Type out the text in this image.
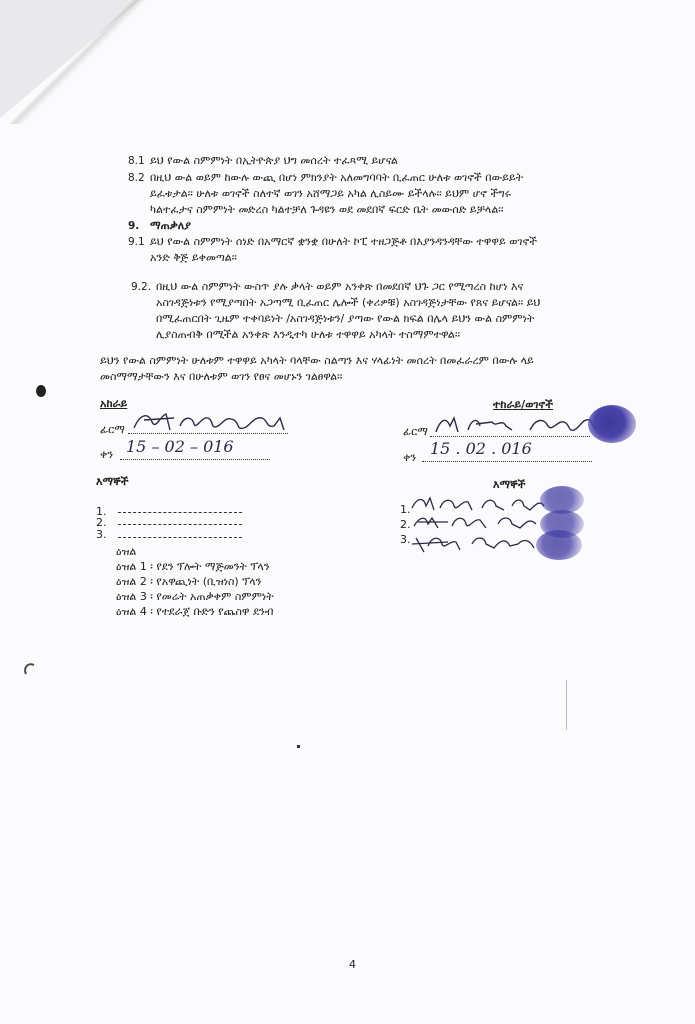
8.1 ይህ የውል ስምምነት በኢትዮጵያ ህግ መሰረት ተፈጻሚ ይሆናል
8.2 በዚህ ውል ወይም ከውሉ ውጪ በሆነ ምክንያት አለመግባባት ቢፈጠር ሁለቱ ወገኖች በውይይት
ይፈቱታል፡፡ ሁለቱ ወገኖች ስለተኛ ወገን አሸማጋይ አካል ሊስይሙ ይችላሉ፡፡ ይህም ሆኖ ችግሩ
ካልተፈታና ስምምነት መድረስ ካልተቻለ ጉዳዩን ወደ መደበኛ ፍርድ ቤት መውሰድ ይቻላል፡፡
9. ማጠቃለያ
9.1 ይህ የውል ስምምነት ሰነድ በአማርኛ ቋንቋ በሁለት ኮፒ ተዘጋጅቶ በእያንዳንዳቸው ተዋዋይ ወገኖች
አንድ ቅጅ ይቀመጣል፡፡
9.2. በዚህ ውል ስምምነት ውስጥ ያሉ ቃላት ወይም አንቀጽ በመደበኛ ህጉ ጋር የሚጣረስ ከሆነ እና
አስገዳጅነቱን የሚያጣበት አጋጣሚ ቢፈጠር ሌሎች (ቀሪዎቹ) አስገዳጅነታቸው የጸና ይሆናል፡፡ ይህ
በሚፈጠርበት ጊዜም ተቀባይነት /አስገዳጅነቱን/ ያጣው የውል ክፍል በሌላ ይህን ውል ስምምነት
ሊያስጠብቅ በሚችል አንቀጽ እንዲተካ ሁለቱ ተዋዋይ አካላት ተስማምተዋል፡፡
ይህን የውል ስምምነት ሁለቱም ተዋዋይ አካላት ባላቸው ስልጣን እና ሃላፊነት መሰረት በመፈራረም በውሉ ላይ
መስማማታቸውን እና በሁለቱም ወገን የፀና መሆኑን ገልፀዋል፡፡
አከራይ
ፊርማ
ቀን 15 – 02 – 016
ተከራይ/ወገኖች
ፊርማ
ቀን 15 . 02 . 016
እማኞች
1.
2.
3.
እማኞች
1.
2.
3.
ዕዝል
ዕዝል 1 ፡ የደን ፕሎት ማጅመንት ፕላን
ዕዝል 2 ፡ የአዋጪነት (ቢዝነስ) ፕላን
ዕዝል 3 ፡ የመሬት አጠቃቀም ስምምነት
ዕዝል 4 ፡ የተደራጀ ቡድን የጨስዋ ደንብ
4
